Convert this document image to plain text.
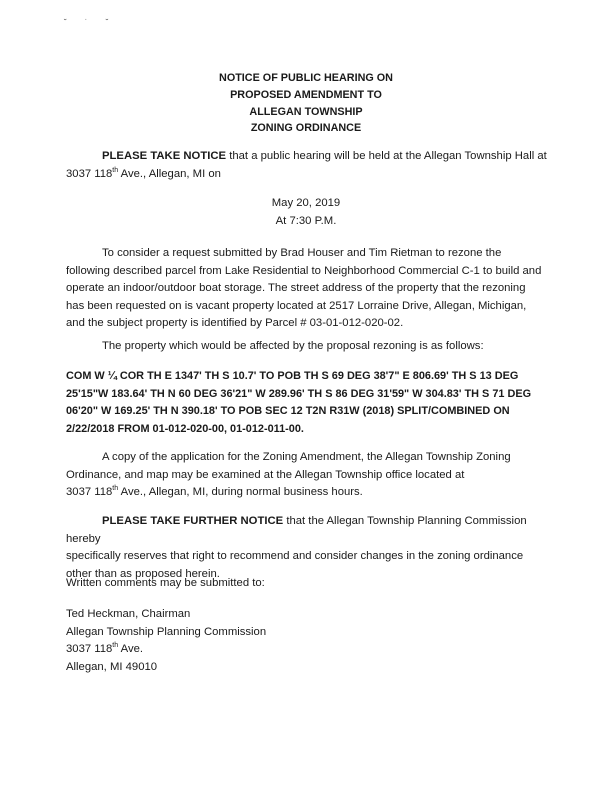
˘ ˙ ˘
NOTICE OF PUBLIC HEARING ON
PROPOSED AMENDMENT TO
ALLEGAN TOWNSHIP
ZONING ORDINANCE

PLEASE TAKE NOTICE that a public hearing will be held at the Allegan Township Hall at

3037 118th Ave., Allegan, MI on

May 20, 2019

At 7:30 P.M.

To consider a request submitted by Brad Houser and Tim Rietman to rezone the

following described parcel from Lake Residential to Neighborhood Commercial C-1 to build and

operate an indoor/outdoor boat storage. The street address of the property that the rezoning

has been requested on is vacant property located at 2517 Lorraine Drive, Allegan, Michigan,

and the subject property is identified by Parcel # 03-01-012-020-02.

The property which would be affected by the proposal rezoning is as follows:

COM W ¼ COR TH E 1347' TH S 10.7' TO POB TH S 69 DEG 38'7" E 806.69' TH S 13 DEG

25'15"W 183.64' TH N 60 DEG 36'21" W 289.96' TH S 86 DEG 31'59" W 304.83' TH S 71 DEG

06'20" W 169.25' TH N 390.18' TO POB SEC 12 T2N R31W (2018) SPLIT/COMBINED ON

2/22/2018 FROM 01-012-020-00, 01-012-011-00.

A copy of the application for the Zoning Amendment, the Allegan Township Zoning

Ordinance, and map may be examined at the Allegan Township office located at

3037 118th Ave., Allegan, MI, during normal business hours.

PLEASE TAKE FURTHER NOTICE that the Allegan Township Planning Commission hereby

specifically reserves that right to recommend and consider changes in the zoning ordinance

other than as proposed herein.

Written comments may be submitted to:

Ted Heckman, Chairman

Allegan Township Planning Commission

3037 118th Ave.

Allegan, MI 49010
